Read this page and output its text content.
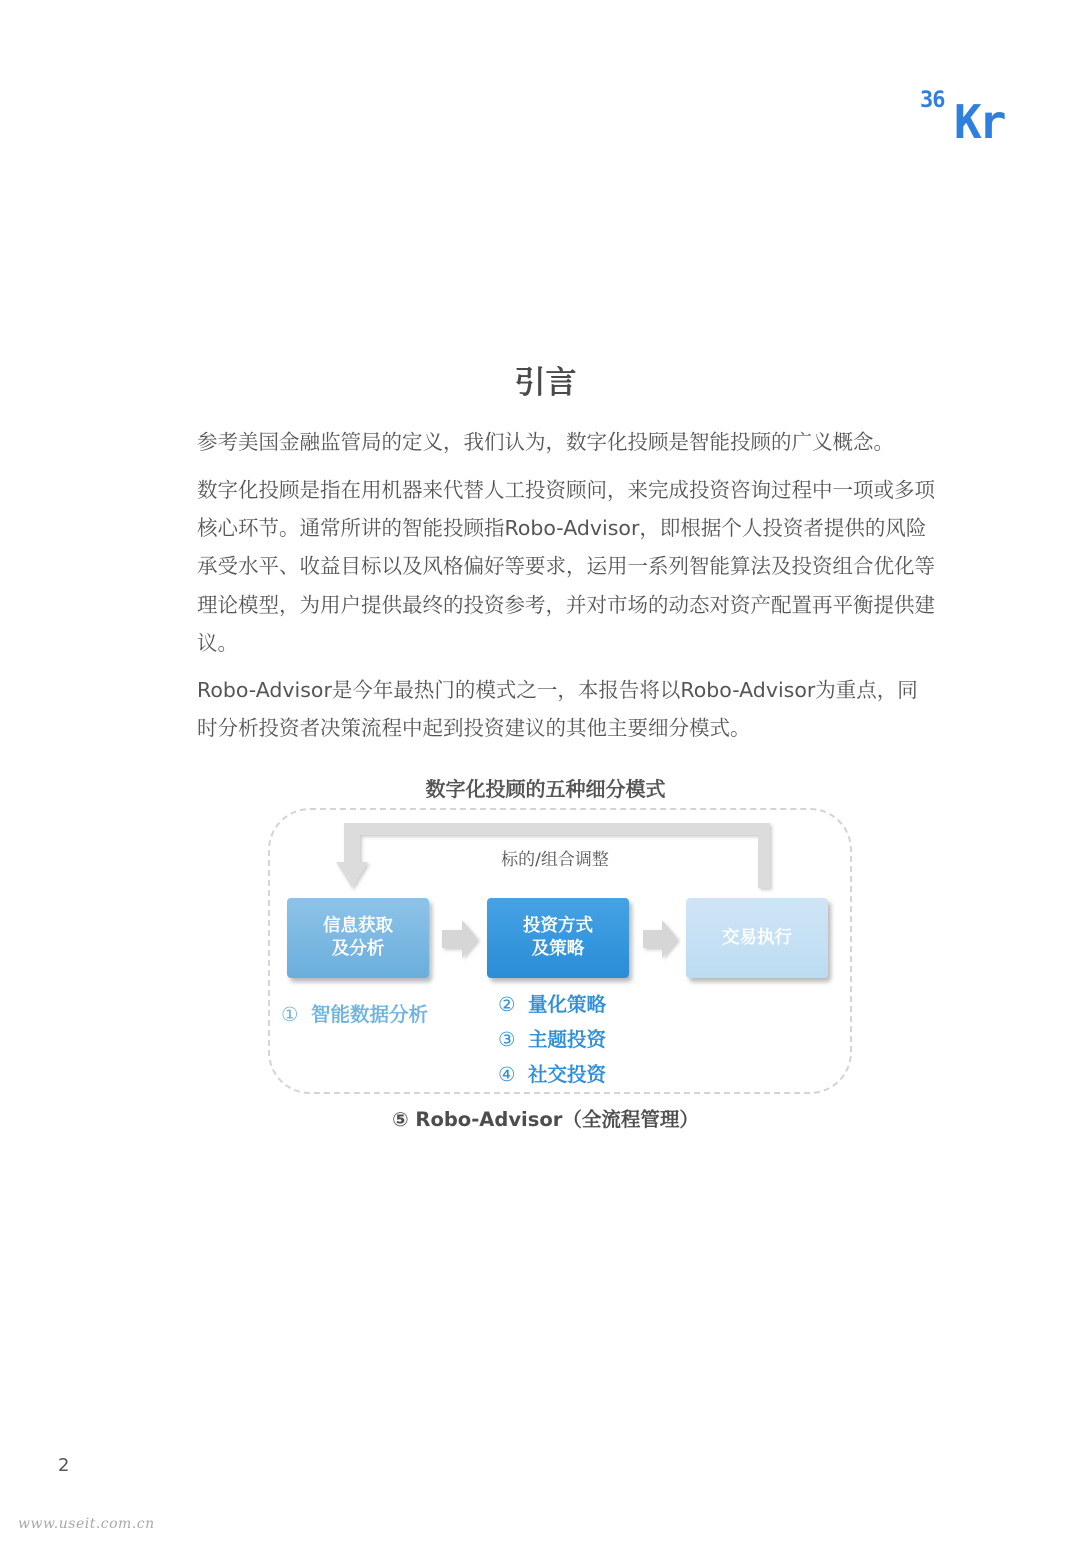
36 Kr
引言

参考美国金融监管局的定义，我们认为，数字化投顾是智能投顾的广义概念。

数字化投顾是指在用机器来代替人工投资顾问，来完成投资咨询过程中一项或多项核心环节。通常所讲的智能投顾指Robo-Advisor，即根据个人投资者提供的风险承受水平、收益目标以及风格偏好等要求，运用一系列智能算法及投资组合优化等理论模型，为用户提供最终的投资参考，并对市场的动态对资产配置再平衡提供建议。

Robo-Advisor是今年最热门的模式之一，本报告将以Robo-Advisor为重点，同时分析投资者决策流程中起到投资建议的其他主要细分模式。

数字化投顾的五种细分模式
标的/组合调整
信息获取
及分析
投资方式
及策略
交易执行
① 智能数据分析	② 量化策略
③ 主题投资
④ 社交投资
⑤ Robo-Advisor（全流程管理）
2
www.useit.com.cn
